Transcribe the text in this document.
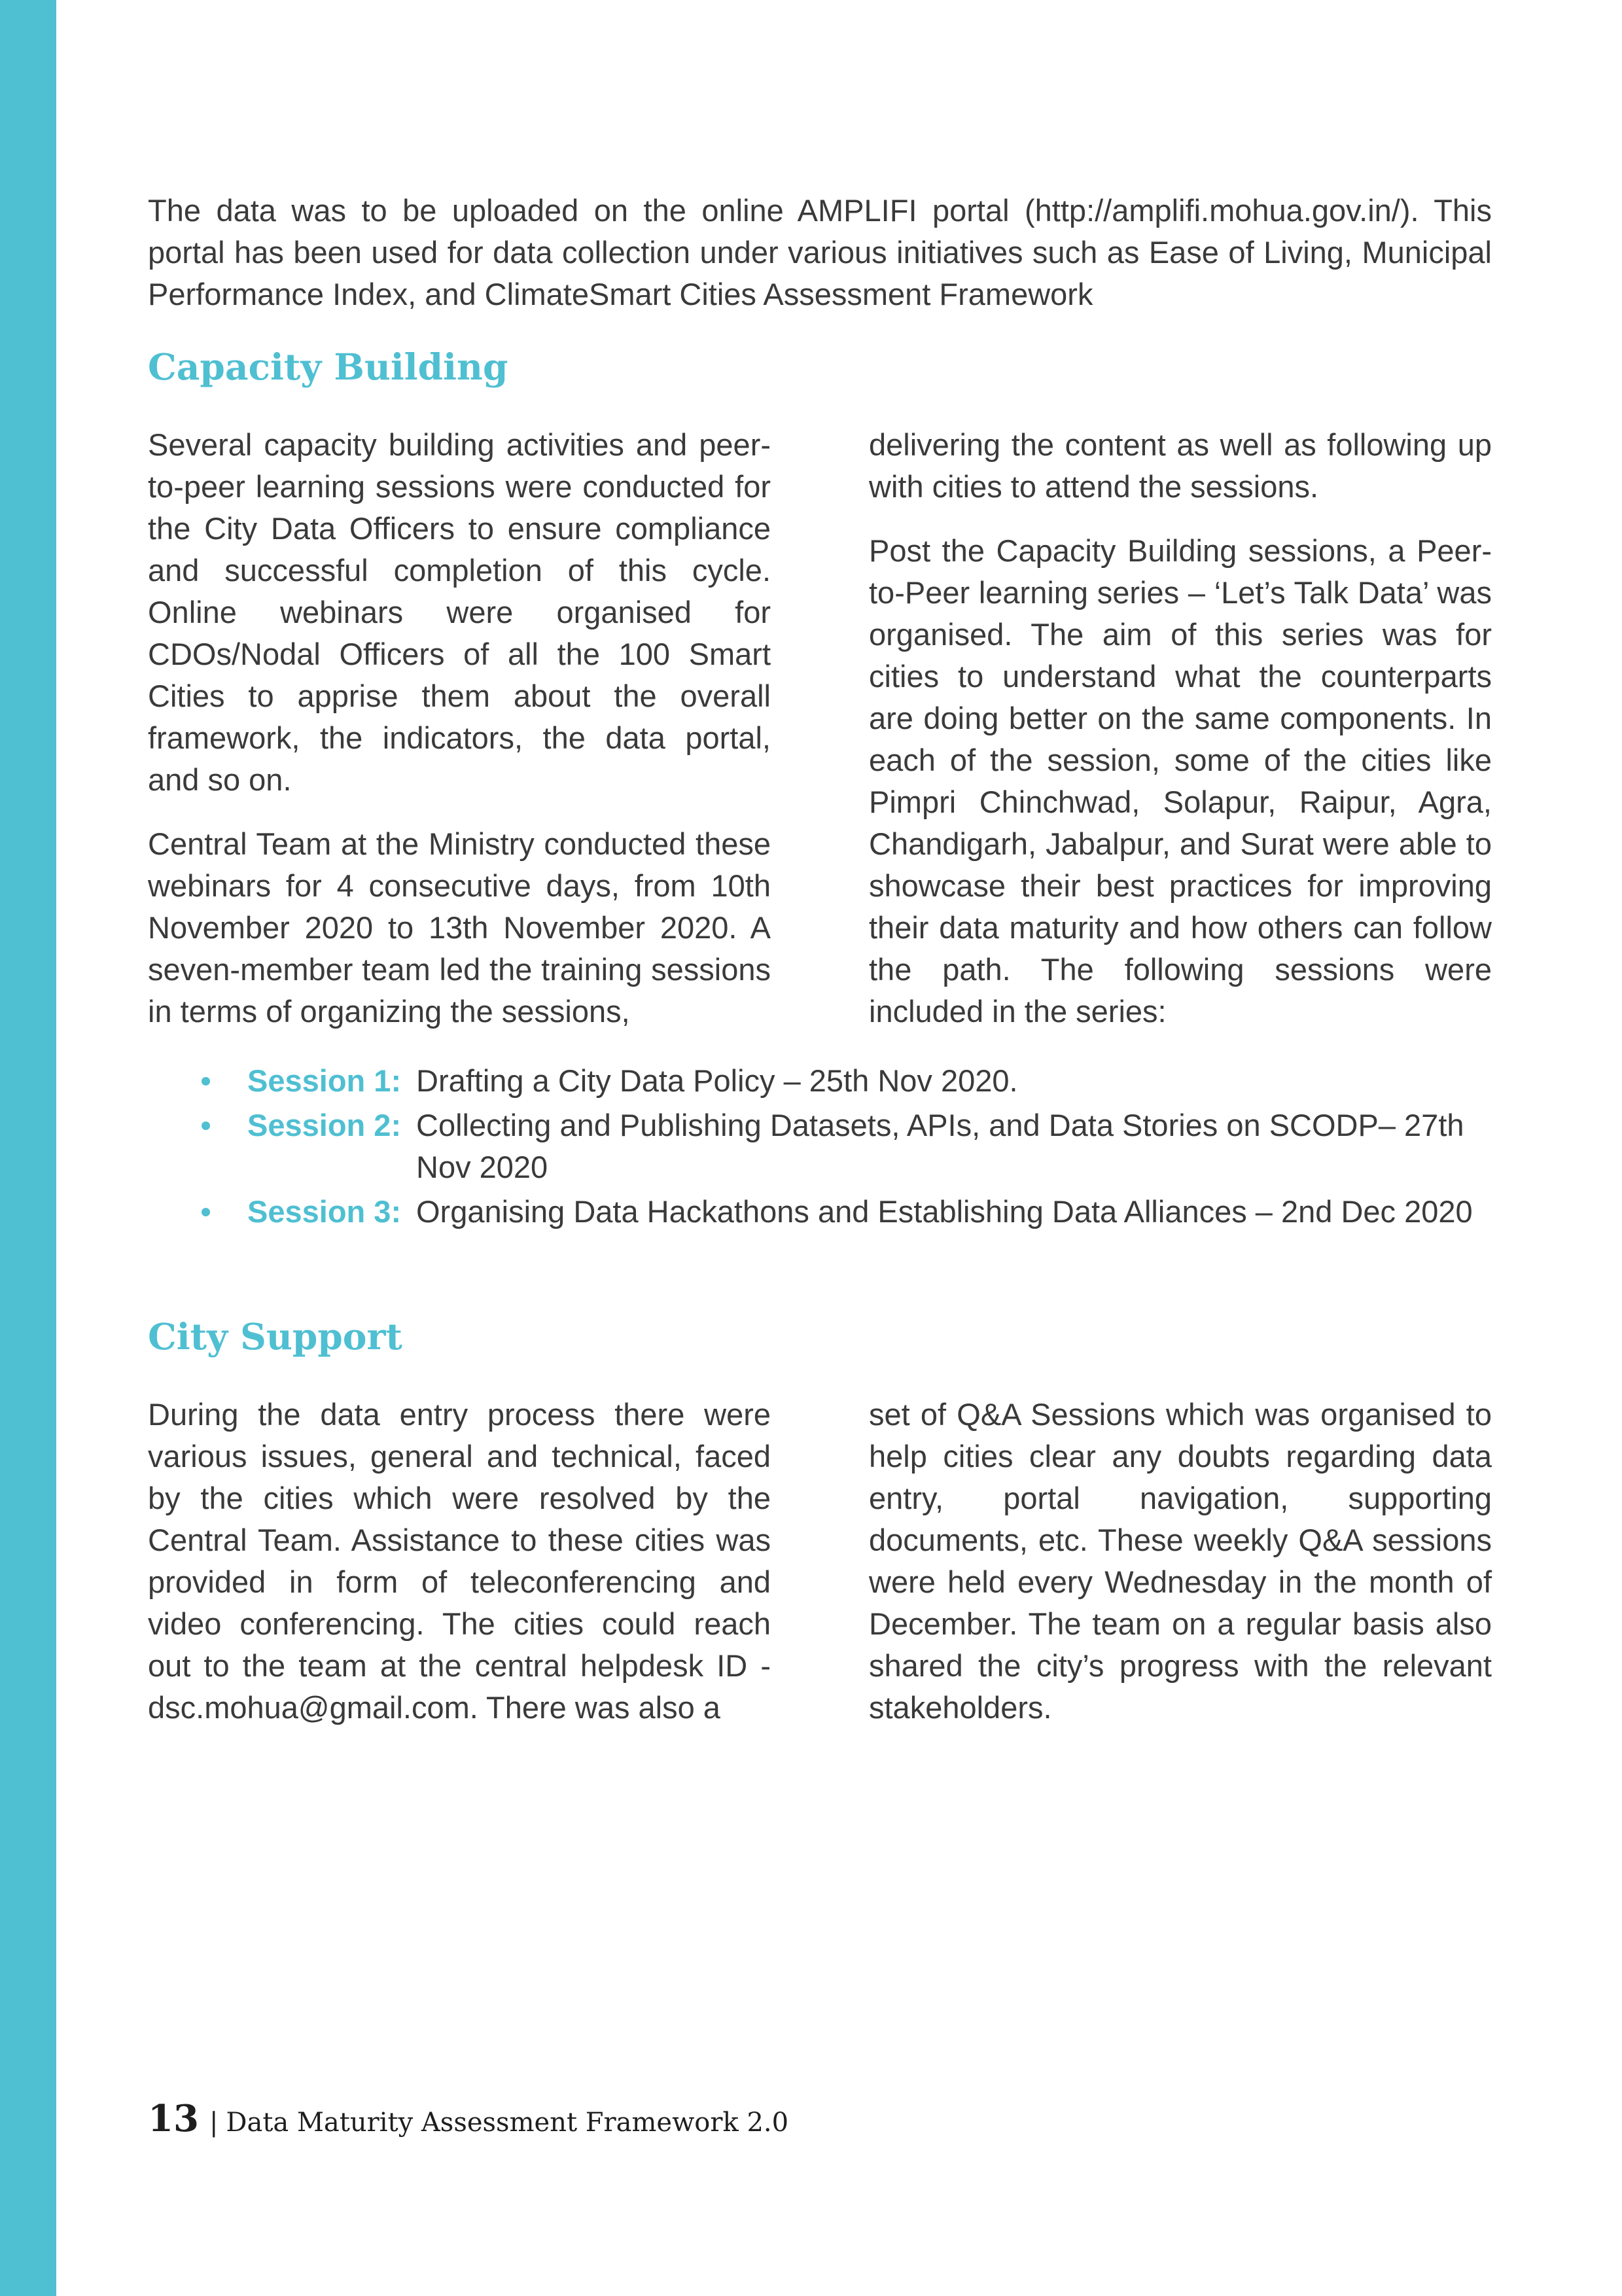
The data was to be uploaded on the online AMPLIFI portal (http://amplifi.mohua.gov.in/). This portal has been used for data collection under various initiatives such as Ease of Living, Municipal Performance Index, and ClimateSmart Cities Assessment Framework

Capacity Building

Several capacity building activities and peer-to-peer learning sessions were conducted for the City Data Officers to ensure compliance and successful completion of this cycle. Online webinars were organised for CDOs/Nodal Officers of all the 100 Smart Cities to apprise them about the overall framework, the indicators, the data portal, and so on.

Central Team at the Ministry conducted these webinars for 4 consecutive days, from 10th November 2020 to 13th November 2020. A seven-member team led the training sessions in terms of organizing the sessions,

delivering the content as well as following up with cities to attend the sessions.

Post the Capacity Building sessions, a Peer-to-Peer learning series – ‘Let’s Talk Data’ was organised. The aim of this series was for cities to understand what the counterparts are doing better on the same components. In each of the session, some of the cities like Pimpri Chinchwad, Solapur, Raipur, Agra, Chandigarh, Jabalpur, and Surat were able to showcase their best practices for improving their data maturity and how others can follow the path. The following sessions were included in the series:

Session 1: Drafting a City Data Policy – 25th Nov 2020.
Session 2: Collecting and Publishing Datasets, APIs, and Data Stories on SCODP– 27th Nov 2020
Session 3: Organising Data Hackathons and Establishing Data Alliances – 2nd Dec 2020
City Support

During the data entry process there were various issues, general and technical, faced by the cities which were resolved by the Central Team. Assistance to these cities was provided in form of teleconferencing and video conferencing. The cities could reach out to the team at the central helpdesk ID - dsc.mohua@gmail.com. There was also a

set of Q&A Sessions which was organised to help cities clear any doubts regarding data entry, portal navigation, supporting documents, etc. These weekly Q&A sessions were held every Wednesday in the month of December. The team on a regular basis also shared the city’s progress with the relevant stakeholders.

13 | Data Maturity Assessment Framework 2.0
